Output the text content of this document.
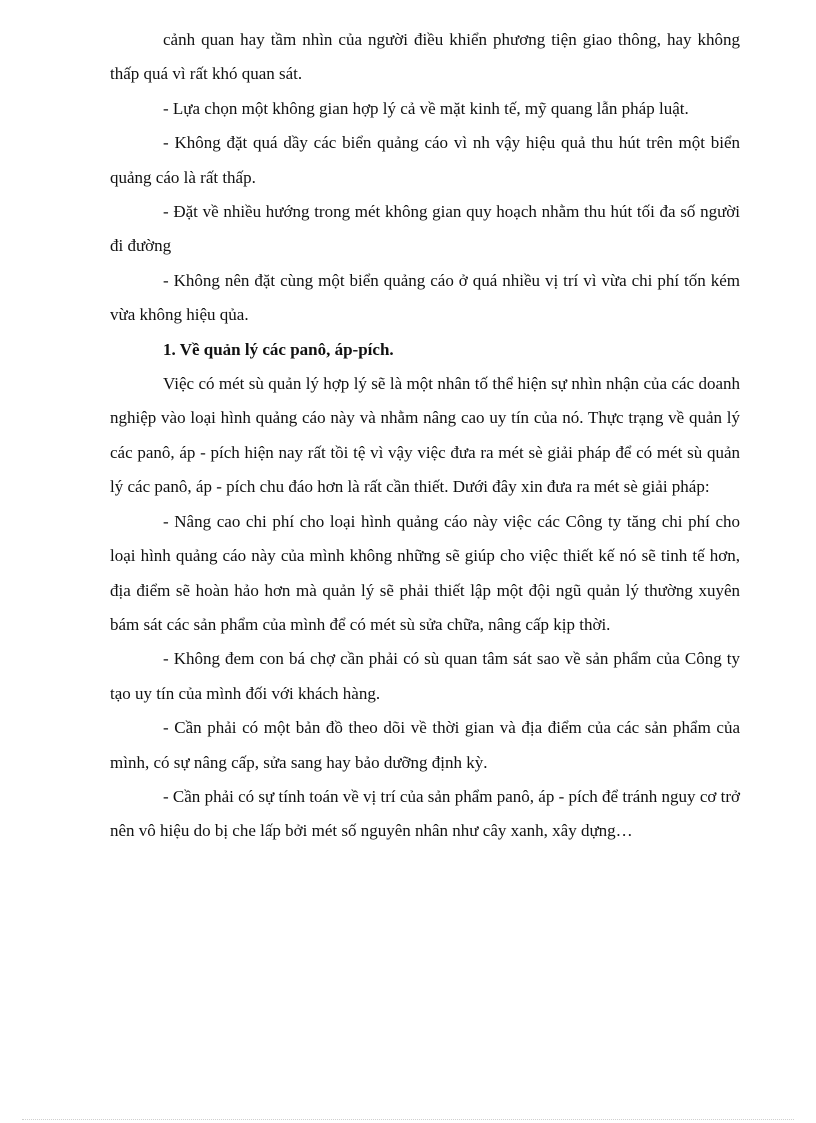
cảnh quan hay tầm nhìn của người điều khiển phương tiện giao thông, hay không thấp quá vì rất khó quan sát.

- Lựa chọn một không gian hợp lý cả về mặt kinh tế, mỹ quang lẫn pháp luật.

- Không đặt quá dầy các biển quảng cáo vì nh vậy hiệu quả thu hút trên một biển quảng cáo là rất thấp.

- Đặt về nhiều hướng trong mét không gian quy hoạch nhằm thu hút tối đa số người đi đường

- Không nên đặt cùng một biển quảng cáo ở quá nhiều vị trí vì vừa chi phí tốn kém vừa không hiệu qủa.

1. Về quản lý các panô, áp-pích.

Việc có mét sù quản lý hợp lý sẽ là một nhân tố thể hiện sự nhìn nhận của các doanh nghiệp vào loại hình quảng cáo này và nhằm nâng cao uy tín của nó. Thực trạng về quản lý các panô, áp - pích hiện nay rất tồi tệ vì vậy việc đưa ra mét sè giải pháp để có mét sù quản lý các panô, áp - pích chu đáo hơn là rất cần thiết. Dưới đây xin đưa ra mét sè giải pháp:

- Nâng cao chi phí cho loại hình quảng cáo này việc các Công ty tăng chi phí cho loại hình quảng cáo này của mình không những sẽ giúp cho việc thiết kế nó sẽ tinh tế hơn, địa điểm sẽ hoàn hảo hơn mà quản lý sẽ phải thiết lập một đội ngũ quản lý thường xuyên bám sát các sản phẩm của mình để có mét sù sửa chữa, nâng cấp kịp thời.

- Không đem con bá chợ cần phải có sù quan tâm sát sao về sản phẩm của Công ty tạo uy tín của mình đối với khách hàng.

- Cần phải có một bản đồ theo dõi về thời gian và địa điểm của các sản phẩm của mình, có sự nâng cấp, sửa sang hay bảo dưỡng định kỳ.

- Cần phải có sự tính toán về vị trí của sản phẩm panô, áp - pích để tránh nguy cơ trở nên vô hiệu do bị che lấp bởi mét số nguyên nhân như cây xanh, xây dựng…
